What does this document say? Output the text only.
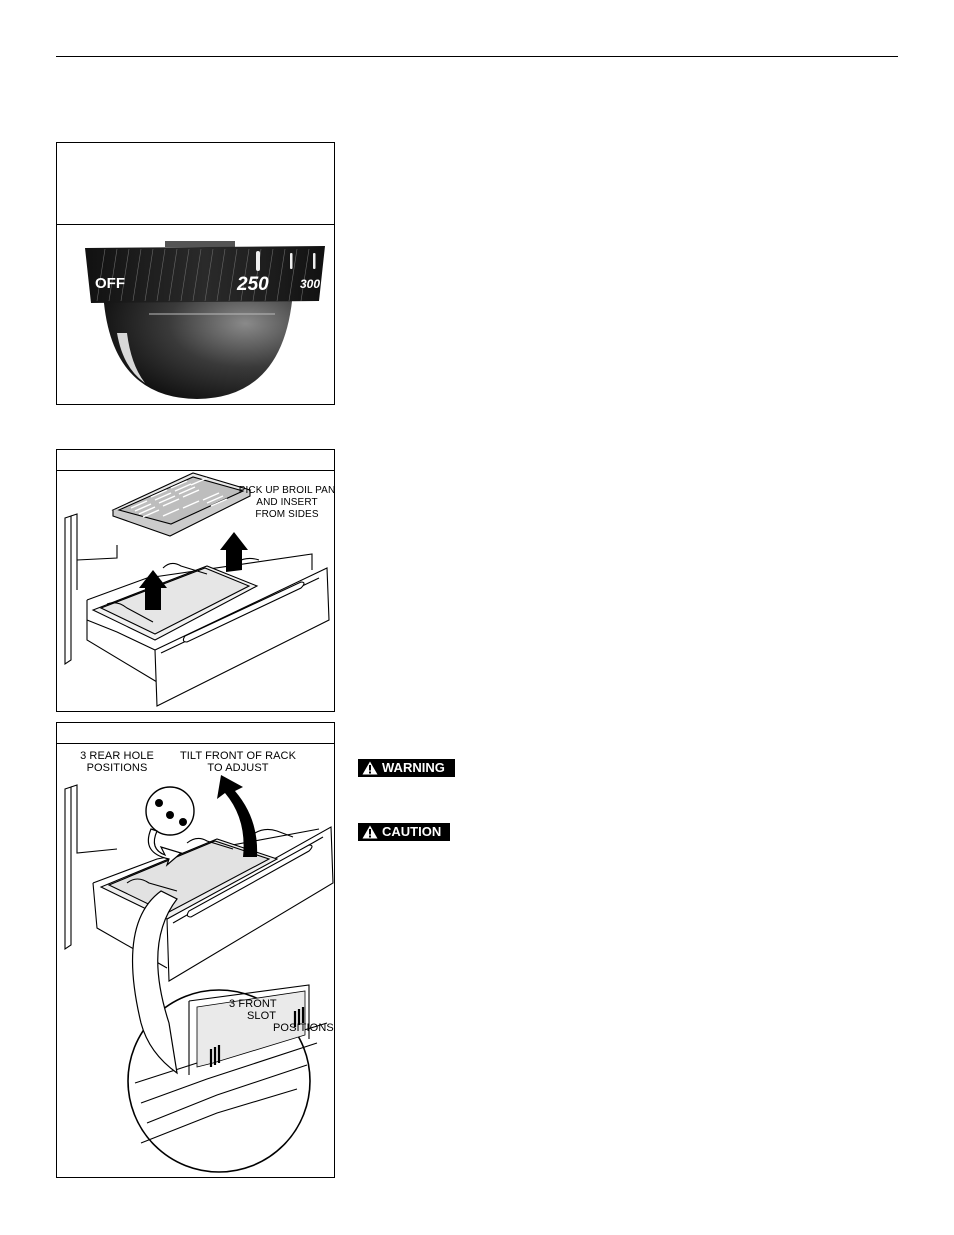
OFF	250	300
PICK UP BROIL PAN
AND INSERT
FROM SIDES
3 REAR HOLE
POSITIONS
TILT FRONT OF RACK
TO ADJUST
3 FRONT
SLOT
POSITIONS
WARNING
CAUTION
